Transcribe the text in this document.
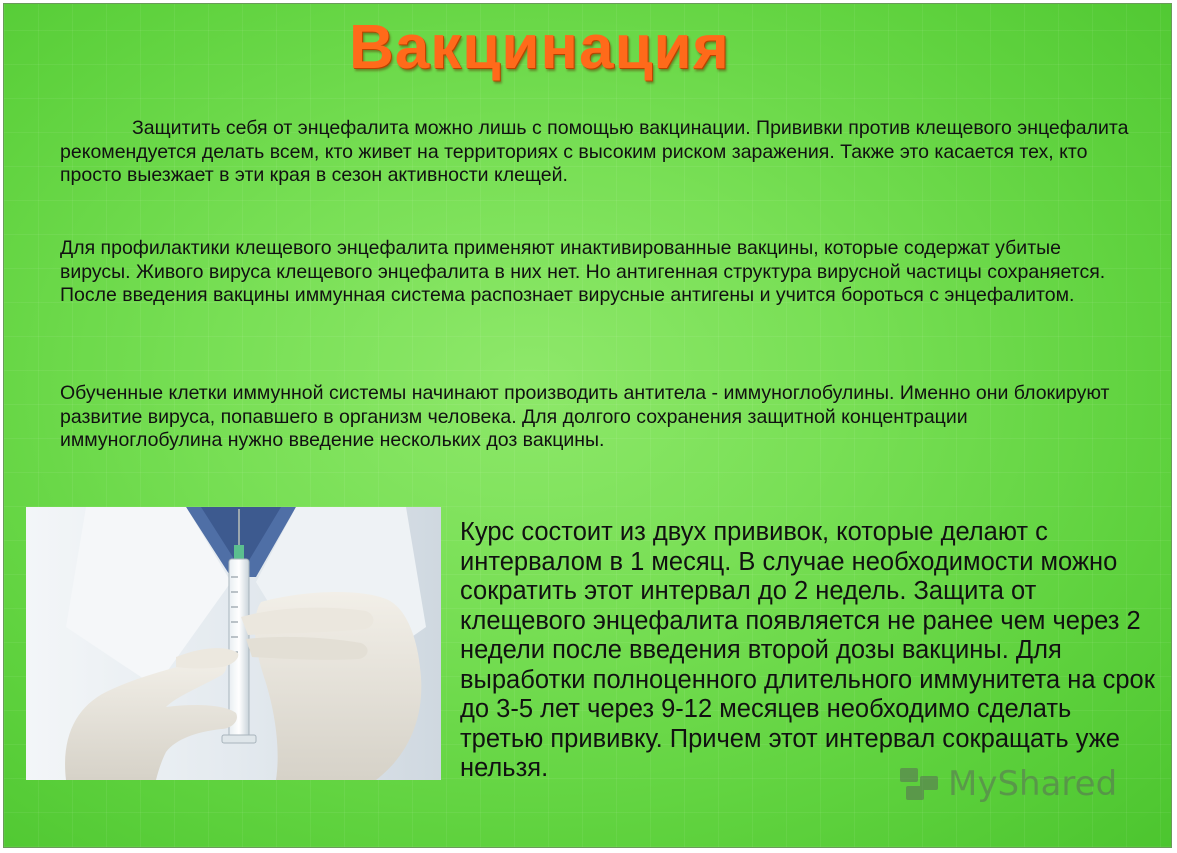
Вакцинация

Защитить себя от энцефалита можно лишь с помощью вакцинации. Прививки против клещевого энцефалита рекомендуется делать всем, кто живет на территориях с высоким риском заражения. Также это касается тех, кто просто выезжает в эти края в сезон активности клещей.

Для профилактики клещевого энцефалита применяют инактивированные вакцины, которые содержат убитые вирусы. Живого вируса клещевого энцефалита в них нет. Но антигенная структура вирусной частицы сохраняется. После введения вакцины иммунная система распознает вирусные антигены и учится бороться с энцефалитом.

Обученные клетки иммунной системы начинают производить антитела - иммуноглобулины. Именно они блокируют развитие вируса, попавшего в организм человека. Для долгого сохранения защитной концентрации иммуноглобулина нужно введение нескольких доз вакцины.

Курс состоит из двух прививок, которые делают с интервалом в 1 месяц. В случае необходимости можно сократить этот интервал до 2 недель. Защита от клещевого энцефалита появляется не ранее чем через 2 недели после введения второй дозы вакцины. Для выработки полноценного длительного иммунитета на срок до 3-5 лет через 9-12 месяцев необходимо сделать третью прививку. Причем этот интервал сокращать уже нельзя.	MyShared
